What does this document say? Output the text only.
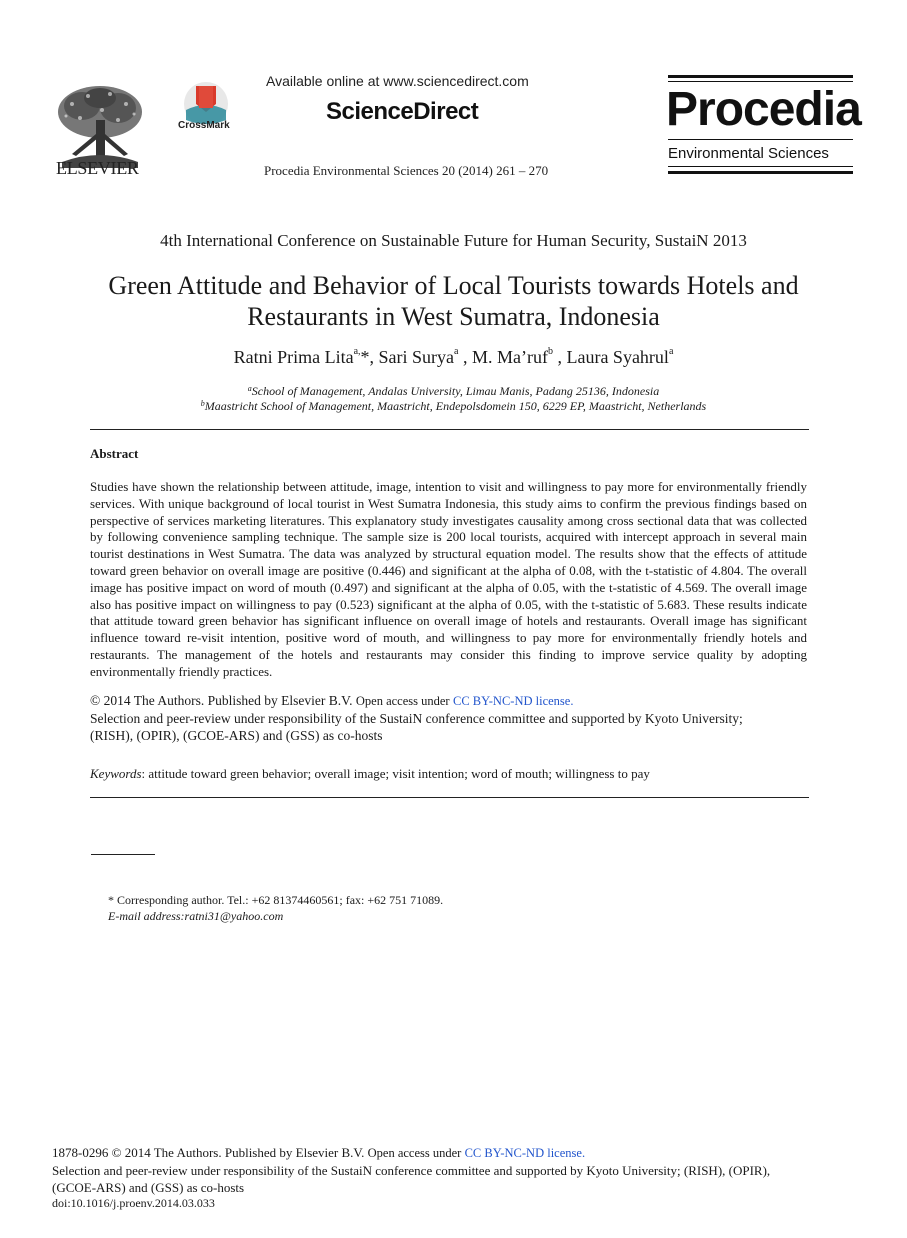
ELSEVIER
CrossMark
Available online at www.sciencedirect.com
ScienceDirect
Procedia Environmental Sciences 20 (2014) 261 – 270
Procedia
Environmental Sciences
4th International Conference on Sustainable Future for Human Security, SustaiN 2013
Green Attitude and Behavior of Local Tourists towards Hotels and
Restaurants in West Sumatra, Indonesia
Ratni Prima Lita$^{a,}$*, Sari Surya$^a$ , M. Ma’ruf$^b$ , Laura Syahrul$^a$
$^a$School of Management, Andalas University, Limau Manis, Padang 25136, Indonesia
$^b$Maastricht School of Management, Maastricht, Endepolsdomein 150, 6229 EP, Maastricht, Netherlands
Abstract
Studies have shown the relationship between attitude, image, intention to visit and willingness to pay more for environmentally friendly services. With unique background of local tourist in West Sumatra Indonesia, this study aims to confirm the previous findings based on perspective of services marketing literatures. This explanatory study investigates causality among cross sectional data that was collected by following convenience sampling technique. The sample size is 200 local tourists, acquired with intercept approach in several main tourist destinations in West Sumatra. The data was analyzed by structural equation model. The results show that the effects of attitude toward green behavior on overall image are positive (0.446) and significant at the alpha of 0.08, with the t-statistic of 4.804. The overall image has positive impact on word of mouth (0.497) and significant at the alpha of 0.05, with the t-statistic of 4.569. The overall image also has positive impact on willingness to pay (0.523) significant at the alpha of 0.05, with the t-statistic of 5.683. These results indicate that attitude toward green behavior has significant influence on overall image of hotels and restaurants. Overall image has significant influence toward re-visit intention, positive word of mouth, and willingness to pay more for environmentally friendly hotels and restaurants. The management of the hotels and restaurants may consider this finding to improve service quality by adopting environmentally friendly practices.
© 2014 The Authors. Published by Elsevier B.V. Open access under CC BY-NC-ND license.
Selection and peer-review under responsibility of the SustaiN conference committee and supported by Kyoto University;
(RISH), (OPIR), (GCOE-ARS) and (GSS) as co-hosts
Keywords: attitude toward green behavior; overall image; visit intention; word of mouth; willingness to pay
* Corresponding author. Tel.: +62 81374460561; fax: +62 751 71089.
E-mail address:ratni31@yahoo.com
1878-0296 © 2014 The Authors. Published by Elsevier B.V. Open access under CC BY-NC-ND license.
Selection and peer-review under responsibility of the SustaiN conference committee and supported by Kyoto University; (RISH), (OPIR),
(GCOE-ARS) and (GSS) as co-hosts
doi:10.1016/j.proenv.2014.03.033
